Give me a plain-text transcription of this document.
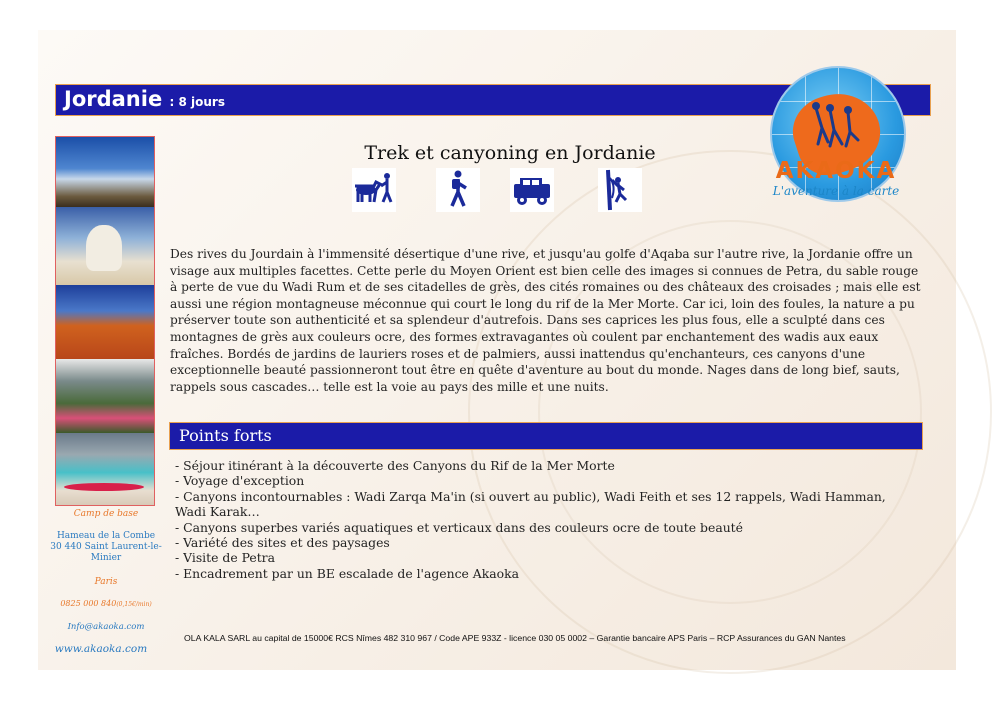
Jordanie : 8 jours
AKAOKA
L'aventure à la carte
Camp de base
Hameau de la Combe 30 440 Saint Laurent-le-Minier
Paris
0825 000 840(0,15€/min)
Info@akaoka.com
www.akaoka.com
Trek et canyoning en Jordanie
Des rives du Jourdain à l'immensité désertique d'une rive, et jusqu'au golfe d'Aqaba sur l'autre rive, la Jordanie offre un visage aux multiples facettes. Cette perle du Moyen Orient est bien celle des images si connues de Petra, du sable rouge à perte de vue du Wadi Rum et de ses citadelles de grès, des cités romaines ou des châteaux des croisades ; mais elle est aussi une région montagneuse méconnue qui court le long du rif de la Mer Morte. Car ici, loin des foules, la nature a pu préserver toute son authenticité et sa splendeur d'autrefois. Dans ses caprices les plus fous, elle a sculpté dans ces montagnes de grès aux couleurs ocre, des formes extravagantes où coulent par enchantement des wadis aux eaux fraîches. Bordés de jardins de lauriers roses et de palmiers, aussi inattendus qu'enchanteurs, ces canyons d'une exceptionnelle beauté passionneront tout être en quête d'aventure au bout du monde. Nages dans de long bief, sauts, rappels sous cascades… telle est la voie au pays des mille et une nuits.
Points forts
- Séjour itinérant à la découverte des Canyons du Rif de la Mer Morte
- Voyage d'exception
- Canyons incontournables : Wadi Zarqa Ma'in (si ouvert au public), Wadi Feith et ses 12 rappels, Wadi Hamman, Wadi Karak…
- Canyons superbes variés aquatiques et verticaux dans des couleurs ocre de toute beauté
- Variété des sites et des paysages
- Visite de Petra
- Encadrement par un BE escalade de l'agence Akaoka
OLA KALA SARL au capital de 15000€ RCS Nîmes 482 310 967 / Code APE 933Z - licence 030 05 0002 – Garantie bancaire APS Paris – RCP Assurances du GAN Nantes
